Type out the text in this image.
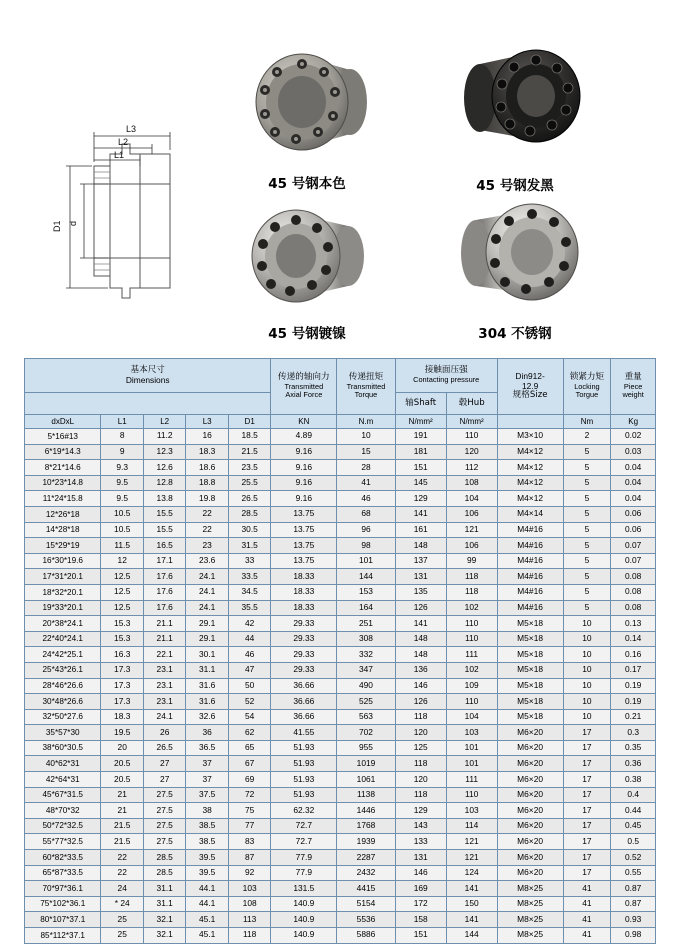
L3
L2
L1
D1 d
45 号钢本色	45 号钢发黑
45 号钢镀镍	304 不锈钢
基本尺寸
Dimensions	传递的轴向力
Transmitted
Axial Force

传递扭矩
Transmitted
Torque

接触面压强
Contacting pressure	Din912-
12.9
规格Size

锁紧力矩
Locking
Torgue

重量
Piece
weight

							轴Shaft	毂Hub			
dxDxL	L1	L2	L3	D1	KN	N.m	N/mm²	N/mm²		Nm	Kg
5*16#13	8	11.2	16	18.5	4.89	10	191	110	M3×10	2	0.02
6*19*14.3	9	12.3	18.3	21.5	9.16	15	181	120	M4×12	5	0.03
8*21*14.6	9.3	12.6	18.6	23.5	9.16	28	151	112	M4×12	5	0.04
10*23*14.8	9.5	12.8	18.8	25.5	9.16	41	145	108	M4×12	5	0.04
11*24*15.8	9.5	13.8	19.8	26.5	9.16	46	129	104	M4×12	5	0.04
12*26*18	10.5	15.5	22	28.5	13.75	68	141	106	M4×14	5	0.06
14*28*18	10.5	15.5	22	30.5	13.75	96	161	121	M4#16	5	0.06
15*29*19	11.5	16.5	23	31.5	13.75	98	148	106	M4#16	5	0.07
16*30*19.6	12	17.1	23.6	33	13.75	101	137	99	M4#16	5	0.07
17*31*20.1	12.5	17.6	24.1	33.5	18.33	144	131	118	M4#16	5	0.08
18*32*20.1	12.5	17.6	24.1	34.5	18.33	153	135	118	M4#16	5	0.08
19*33*20.1	12.5	17.6	24.1	35.5	18.33	164	126	102	M4#16	5	0.08
20*38*24.1	15.3	21.1	29.1	42	29.33	251	141	110	M5×18	10	0.13
22*40*24.1	15.3	21.1	29.1	44	29.33	308	148	110	M5×18	10	0.14
24*42*25.1	16.3	22.1	30.1	46	29.33	332	148	111	M5×18	10	0.16
25*43*26.1	17.3	23.1	31.1	47	29.33	347	136	102	M5×18	10	0.17
28*46*26.6	17.3	23.1	31.6	50	36.66	490	146	109	M5×18	10	0.19
30*48*26.6	17.3	23.1	31.6	52	36.66	525	126	110	M5×18	10	0.19
32*50*27.6	18.3	24.1	32.6	54	36.66	563	118	104	M5×18	10	0.21
35*57*30	19.5	26	36	62	41.55	702	120	103	M6×20	17	0.3
38*60*30.5	20	26.5	36.5	65	51.93	955	125	101	M6×20	17	0.35
40*62*31	20.5	27	37	67	51.93	1019	118	101	M6×20	17	0.36
42*64*31	20.5	27	37	69	51.93	1061	120	111	M6×20	17	0.38
45*67*31.5	21	27.5	37.5	72	51.93	1138	118	110	M6×20	17	0.4
48*70*32	21	27.5	38	75	62.32	1446	129	103	M6×20	17	0.44
50*72*32.5	21.5	27.5	38.5	77	72.7	1768	143	114	M6×20	17	0.45
55*77*32.5	21.5	27.5	38.5	83	72.7	1939	133	121	M6×20	17	0.5
60*82*33.5	22	28.5	39.5	87	77.9	2287	131	121	M6×20	17	0.52
65*87*33.5	22	28.5	39.5	92	77.9	2432	146	124	M6×20	17	0.55
70*97*36.1	24	31.1	44.1	103	131.5	4415	169	141	M8×25	41	0.87
75*102*36.1	* 24	31.1	44.1	108	140.9	5154	172	150	M8×25	41	0.87
80*107*37.1	25	32.1	45.1	113	140.9	5536	158	141	M8×25	41	0.93
85*112*37.1	25	32.1	45.1	118	140.9	5886	151	144	M8×25	41	0.98
